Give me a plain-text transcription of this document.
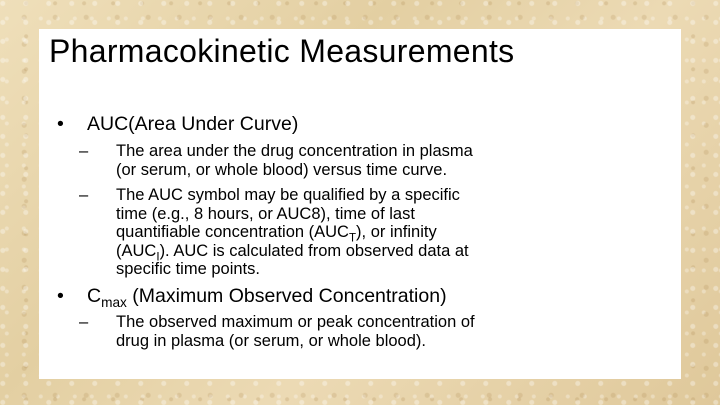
Pharmacokinetic Measurements
• AUC(Area Under Curve)
– The area under the drug concentration in plasma
(or serum, or whole blood) versus time curve.
– The AUC symbol may be qualified by a specific
time (e.g., 8 hours, or AUC8), time of last
quantifiable concentration $(AUC_T)$, or infinity
$(AUC_I)$. AUC is calculated from observed data at
specific time points.
• $C_{max}$ (Maximum Observed Concentration)
– The observed maximum or peak concentration of
drug in plasma (or serum, or whole blood).
